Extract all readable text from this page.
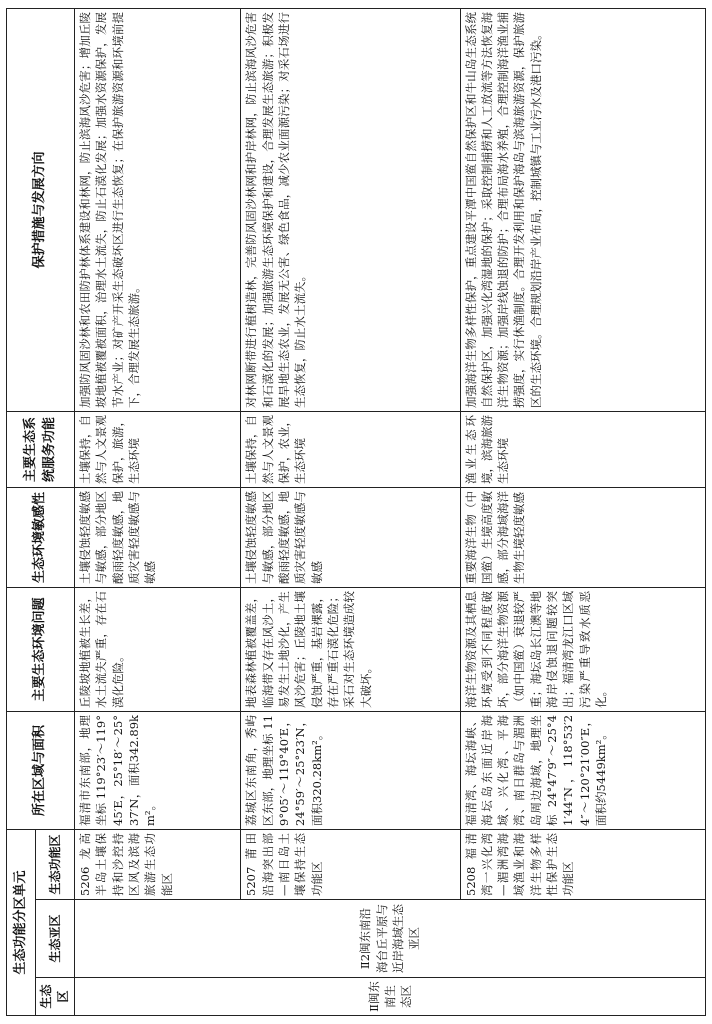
生态功能分区单元			所在区域与面积	主要生态环境问题	生态环境敏感性	主要生态系统服务功能	保护措施与发展方向
生态区	生态亚区	生态功能区					
Ⅱ闽东南生态区	Ⅱ2闽东南沿海台丘平原与近岸海域生态亚区	5206 龙高半岛土壤保持和沙控持区风及滨海旅游生态功能区	福清市东南部，地理坐标 119°23′～119°45′E，25°18′～25°37′N，面积342.89km²。	丘陵坡地植被生长差，水土流失严重，存在石漠化危险。	土壤侵蚀轻度敏感与敏感，部分地区酸雨轻度敏感，地质灾害轻度敏感与敏感	土壤保持，自然与人文景观保护，旅游，生态环境	加强防风固沙林和农田防护林体系建设和林网，防止滨海风沙危害；增加丘陵坡地植被覆被面积，治理水土流失，防止石漠化发展；加强水资源保护，发展节水产业；对矿产开采生态破坏区进行生态恢复；在保护旅游资源和环境前提下，合理发展生态旅游。
		5207 莆田沿海突出部—南日岛土壤保持生态功能区	荔城区东南角，秀屿区东部，地理坐标 119°05′～119°40′E，24°59′～25°23′N，面积320.28km²。	地表森林植被覆盖差，临海带又存在风沙土，易发生土地沙化，产生风沙危害；丘陵地土壤侵蚀严重，基岩裸露，存在严重石漠化危险；采石对生态环境造成较大破坏。	土壤侵蚀轻度敏感与敏感，部分地区酸雨轻度敏感，地质灾害轻度敏感与敏感	土壤保持，自然与人文景观保护，农业，生态环境	对林网断带进行植树造林，完善防风固沙林网和护岸林网，防止滨海风沙危害和石漠化的发展；加强旅游生态环境保护和建设，合理发展生态旅游；积极发展旱地生态农业，发展无公害、绿色食品，减少农业面源污染；对采石场进行生态恢复，防止水土流失。
		5208 福清湾一兴化湾—湄洲湾海域渔业和海洋生物多样性保护生态功能区	福清湾、海坛海峡、海坛岛东面近岸海域、兴化湾、平海湾、南日群岛与湄洲岛周边海域，地理坐标 24°47′9″～25°41′44″N，118°53′24″～120°21′00″E，面积约5449km²。	海洋生物资源及其栖息环境受到不同程度破坏，部分海洋生物资源（如中国鲎）衰退较严重；海坛岛长江澳等地海岸侵蚀退问题较突出；福清湾龙江口区域污染严重导致水质恶化。	重要海洋生物（中国鲎）生境高度敏感，部分海域海洋生物生境轻度敏感	渔业生态环境，滨海旅游生态环境	加强海洋生物多样性保护，重点建设平潭中国鲎自然保护区和牛山岛生态系统自然保护区，加强兴化湾湿地的保护；采取控制捕捞和人工放流等方法恢复海洋生物资源；加强岸线蚀退的防护；合理布局海水养殖，合理控制海洋渔业捕捞强度，实行休渔制度。合理开发利用和保护海岛与滨海旅游资源，保护旅游区的生态环境。合理规划沿岸产业布局，控制城镇与工业污水及港口污染。
